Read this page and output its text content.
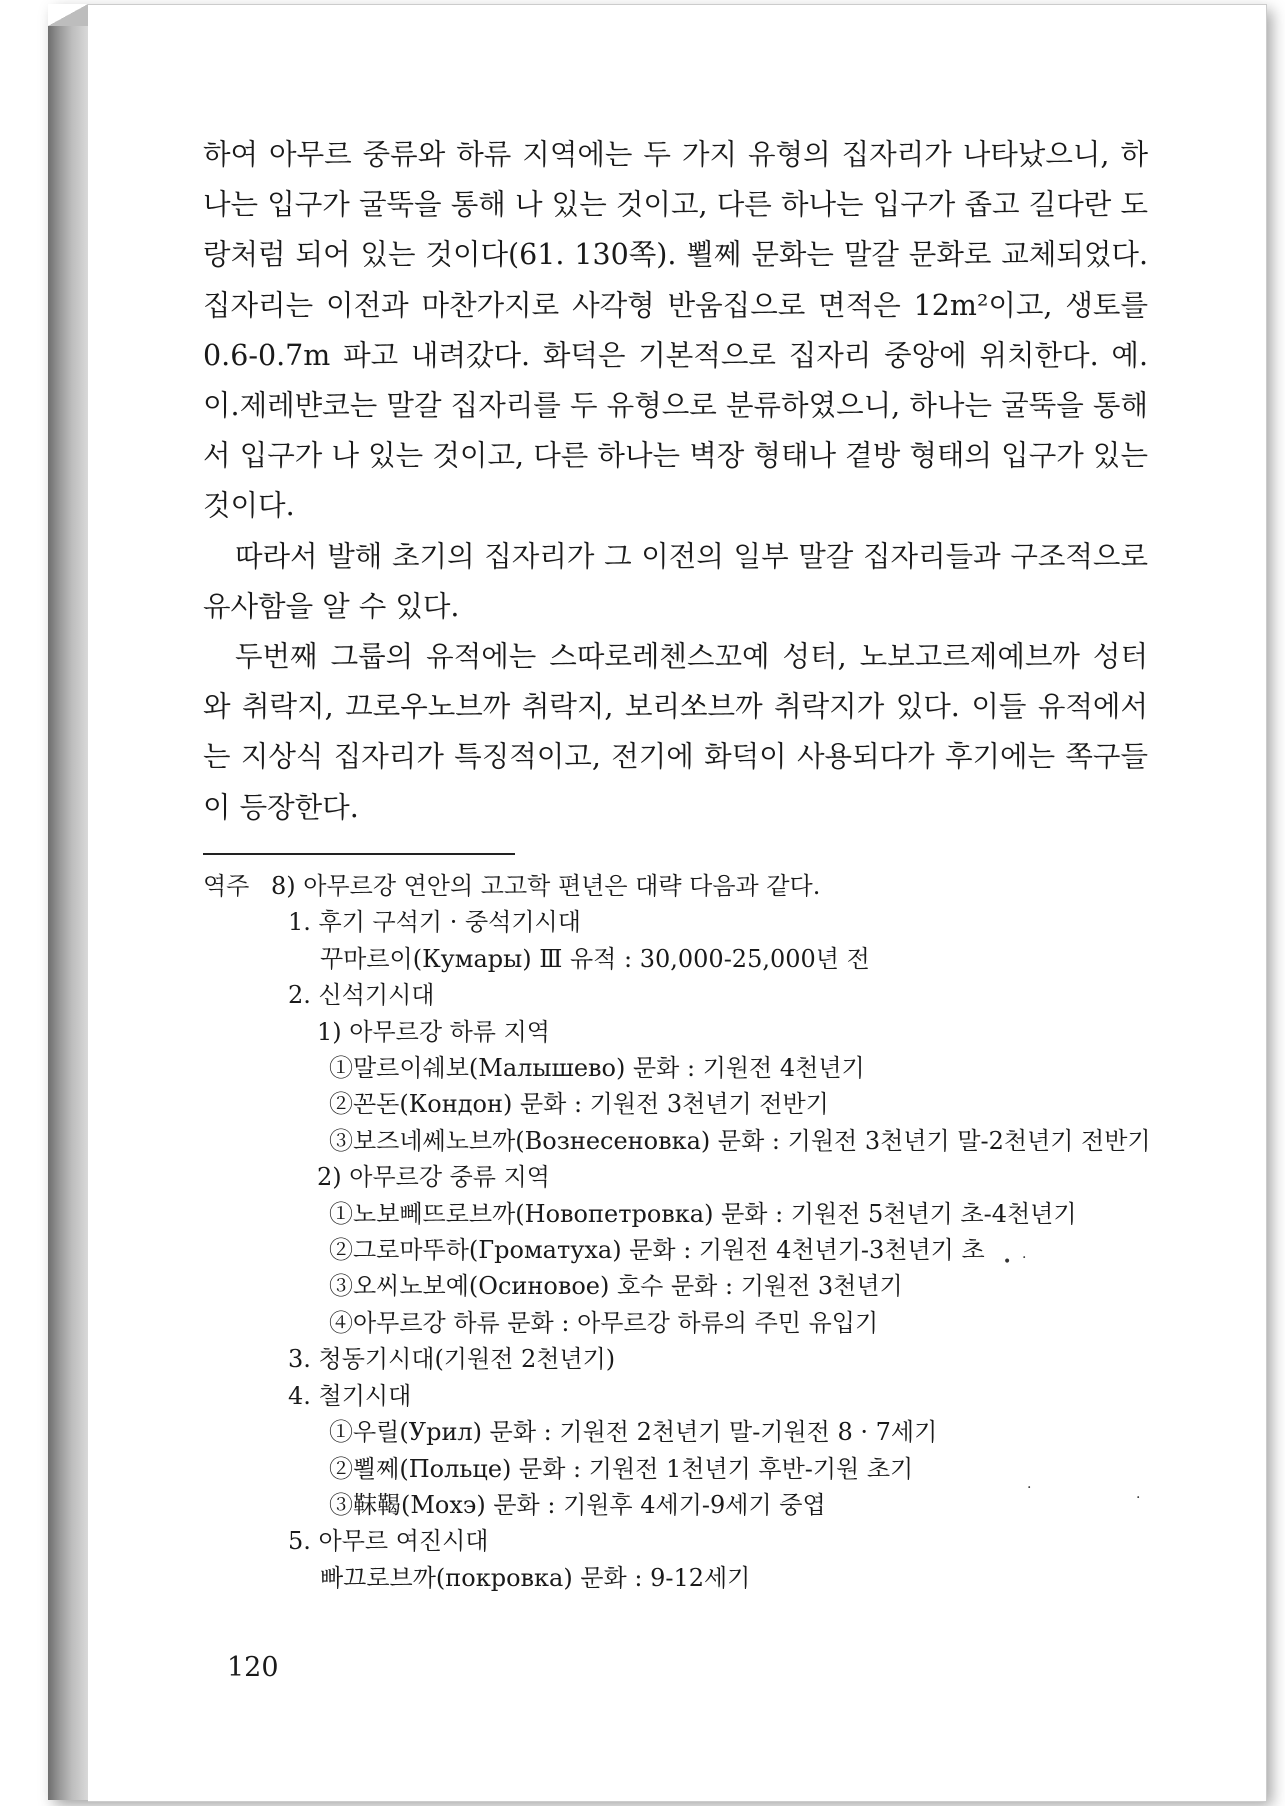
하여 아무르 중류와 하류 지역에는 두 가지 유형의 집자리가 나타났으니, 하나는 입구가 굴뚝을 통해 나 있는 것이고, 다른 하나는 입구가 좁고 길다란 도랑처럼 되어 있는 것이다(61. 130쪽). 뾜쩨 문화는 말갈 문화로 교체되었다. 집자리는 이전과 마찬가지로 사각형 반움집으로 면적은 12m²이고, 생토를 0.6-0.7m 파고 내려갔다. 화덕은 기본적으로 집자리 중앙에 위치한다. 예.이.제레뱐코는 말갈 집자리를 두 유형으로 분류하였으니, 하나는 굴뚝을 통해서 입구가 나 있는 것이고, 다른 하나는 벽장 형태나 곁방 형태의 입구가 있는 것이다.

따라서 발해 초기의 집자리가 그 이전의 일부 말갈 집자리들과 구조적으로 유사함을 알 수 있다.

두번째 그룹의 유적에는 스따로레첸스꼬예 성터, 노보고르제예브까 성터와 취락지, 끄로우노브까 취락지, 보리쏘브까 취락지가 있다. 이들 유적에서는 지상식 집자리가 특징적이고, 전기에 화덕이 사용되다가 후기에는 쪽구들이 등장한다.

역주 8) 아무르강 연안의 고고학 편년은 대략 다음과 같다.
1. 후기 구석기 · 중석기시대
꾸마르이(Кумары) Ⅲ 유적 : 30,000-25,000년 전
2. 신석기시대
1) 아무르강 하류 지역
①말르이쉐보(Малышево) 문화 : 기원전 4천년기
②꼰돈(Кондон) 문화 : 기원전 3천년기 전반기
③보즈네쎄노브까(Вознесеновка) 문화 : 기원전 3천년기 말-2천년기 전반기
2) 아무르강 중류 지역
①노보뻬뜨로브까(Новопетровка) 문화 : 기원전 5천년기 초-4천년기
②그로마뚜하(Громатуха) 문화 : 기원전 4천년기-3천년기 초
③오씨노보예(Осиновое) 호수 문화 : 기원전 3천년기
④아무르강 하류 문화 : 아무르강 하류의 주민 유입기
3. 청동기시대(기원전 2천년기)
4. 철기시대
①우릴(Урил) 문화 : 기원전 2천년기 말-기원전 8 · 7세기
②뾜쩨(Польце) 문화 : 기원전 1천년기 후반-기원 초기
③靺鞨(Мохэ) 문화 : 기원후 4세기-9세기 중엽
5. 아무르 여진시대
빠끄로브까(покровка) 문화 : 9-12세기
• ·
·
·
120
